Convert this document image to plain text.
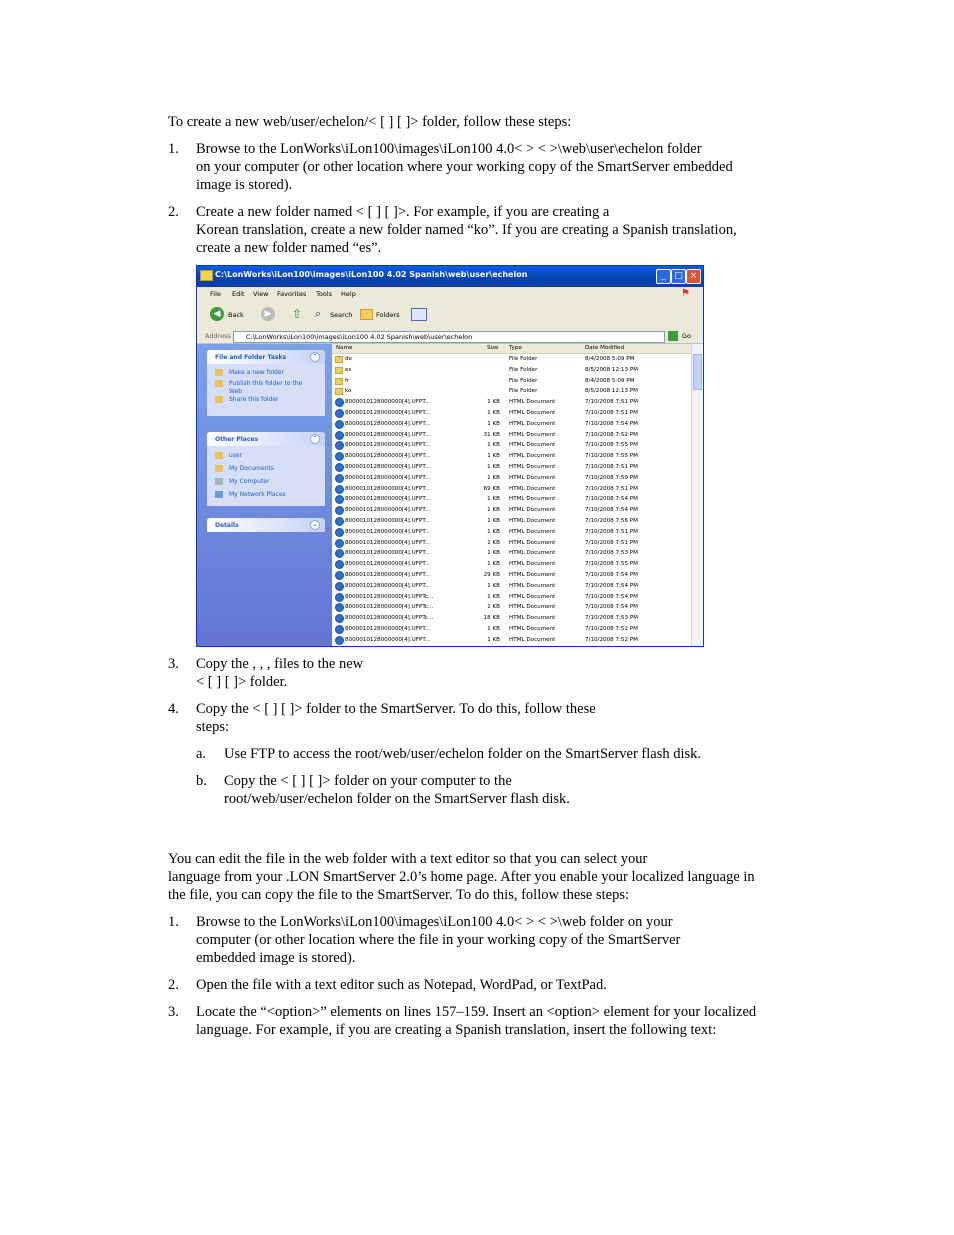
To create a new web/user/echelon/< [ ] [ ]> folder, follow these steps:
1. Browse to the LonWorks\iLon100\images\iLon100 4.0< > < >\web\user\echelon folder
on your computer (or other location where your working copy of the SmartServer embedded
image is stored).
2. Create a new folder named < [ ] [ ]>. For example, if you are creating a
Korean translation, create a new folder named “ko”. If you are creating a Spanish translation,
create a new folder named “es”.
C:\LonWorks\iLon100\images\iLon100 4.02 Spanish\web\user\echelon	_ □ ×
File Edit View Favorites Tools Help	⚑
◀	Back	▶ ⇧ ⌕ Search	Folders
Address C:\LonWorks\iLon100\images\iLon100 4.02 Spanish\web\user\echelon	Go
File and Folder Tasks	⌃
Make a new folder
Publish this folder to the
Web
Share this folder
Other Places	⌃
user
My Documents
My Computer
My Network Places
Details	⌄
Name	Size Type	Date Modified
de	File Folder	8/4/2008 5:09 PM
es	File Folder	8/5/2008 12:13 PM
fr	File Folder	8/4/2008 5:09 PM
ko	File Folder	8/5/2008 12:13 PM
8000010128000000[4].UFPT...	1 KB HTML Document	7/10/2008 7:51 PM
8000010128000000[4].UFPT...	1 KB HTML Document	7/10/2008 7:51 PM
8000010128000000[4].UFPT...	1 KB HTML Document	7/10/2008 7:54 PM
8000010128000000[4].UFPT...	31 KB HTML Document	7/10/2008 7:52 PM
8000010128000000[4].UFPT...	1 KB HTML Document	7/10/2008 7:55 PM
8000010128000000[4].UFPT...	1 KB HTML Document	7/10/2008 7:55 PM
8000010128000000[4].UFPT...	1 KB HTML Document	7/10/2008 7:51 PM
8000010128000000[4].UFPT...	1 KB HTML Document	7/10/2008 7:59 PM
8000010128000000[4].UFPT...	69 KB HTML Document	7/10/2008 7:51 PM
8000010128000000[4].UFPT...	1 KB HTML Document	7/10/2008 7:54 PM
8000010128000000[4].UFPT...	1 KB HTML Document	7/10/2008 7:54 PM
8000010128000000[4].UFPT...	1 KB HTML Document	7/10/2008 7:56 PM
8000010128000000[4].UFPT...	1 KB HTML Document	7/10/2008 7:51 PM
8000010128000000[4].UFPT...	1 KB HTML Document	7/10/2008 7:51 PM
8000010128000000[4].UFPT...	1 KB HTML Document	7/10/2008 7:53 PM
8000010128000000[4].UFPT...	1 KB HTML Document	7/10/2008 7:55 PM
8000010128000000[4].UFPT...	29 KB HTML Document	7/10/2008 7:54 PM
8000010128000000[4].UFPT...	1 KB HTML Document	7/10/2008 7:54 PM
8000010128000000[4].UFPTc...	1 KB HTML Document	7/10/2008 7:54 PM
8000010128000000[4].UFPTc...	1 KB HTML Document	7/10/2008 7:54 PM
8000010128000000[4].UFPTc...	18 KB HTML Document	7/10/2008 7:53 PM
8000010128000000[4].UFPT...	1 KB HTML Document	7/10/2008 7:52 PM
8000010128000000[4].UFPT...	1 KB HTML Document	7/10/2008 7:52 PM
3. Copy the , , , files to the new
< [ ] [ ]> folder.
4. Copy the < [ ] [ ]> folder to the SmartServer. To do this, follow these
steps:
a. Use FTP to access the root/web/user/echelon folder on the SmartServer flash disk.
b. Copy the < [ ] [ ]> folder on your computer to the
root/web/user/echelon folder on the SmartServer flash disk.
You can edit the file in the web folder with a text editor so that you can select your
language from your .LON SmartServer 2.0’s home page. After you enable your localized language in
the file, you can copy the file to the SmartServer. To do this, follow these steps:
1. Browse to the LonWorks\iLon100\images\iLon100 4.0< > < >\web folder on your
computer (or other location where the file in your working copy of the SmartServer
embedded image is stored).
2. Open the file with a text editor such as Notepad, WordPad, or TextPad.
3. Locate the “<option>” elements on lines 157–159. Insert an <option> element for your localized
language. For example, if you are creating a Spanish translation, insert the following text:
